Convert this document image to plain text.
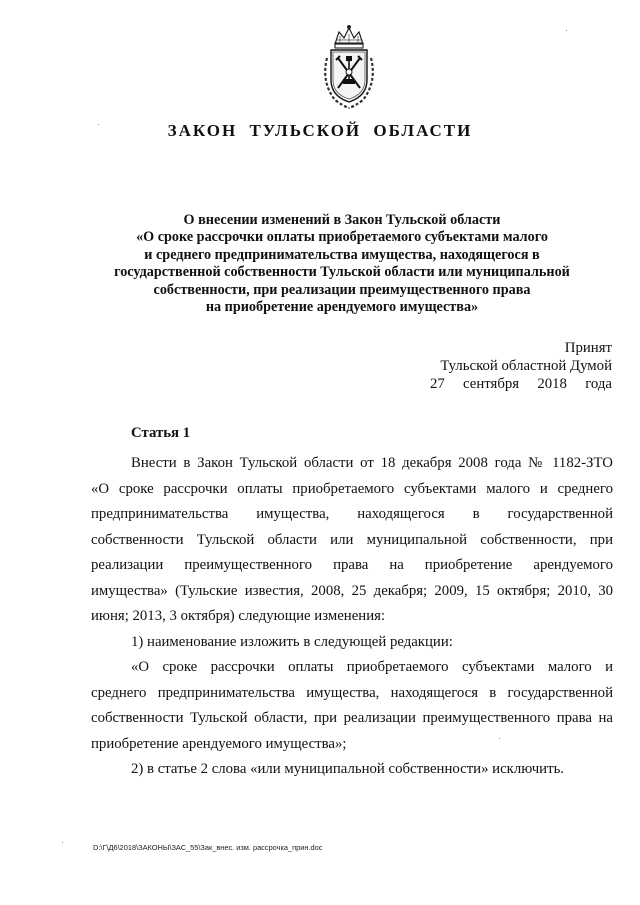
ЗАКОН ТУЛЬСКОЙ ОБЛАСТИ
О внесении изменений в Закон Тульской области
«О сроке рассрочки оплаты приобретаемого субъектами малого
и среднего предпринимательства имущества, находящегося в
государственной собственности Тульской области или муниципальной
собственности, при реализации преимущественного права
на приобретение арендуемого имущества»
Принят
Тульской областной Думой
27 сентября 2018 года
Статья 1

Внести в Закон Тульской области от 18 декабря 2008 года № 1182-ЗТО

«О сроке рассрочки оплаты приобретаемого субъектами малого и среднего

предпринимательства имущества, находящегося в государственной

собственности Тульской области или муниципальной собственности, при

реализации преимущественного права на приобретение арендуемого

имущества» (Тульские известия, 2008, 25 декабря; 2009, 15 октября; 2010, 30

июня; 2013, 3 октября) следующие изменения:

1) наименование изложить в следующей редакции:

«О сроке рассрочки оплаты приобретаемого субъектами малого и

среднего предпринимательства имущества, находящегося в государственной

собственности Тульской области, при реализации преимущественного права на

приобретение арендуемого имущества»;

2) в статье 2 слова «или муниципальной собственности» исключить.

D:\Г\Д6\2018\ЗАКОНЫ\ЗАС_55\Зак_внес. изм. рассрочка_прин.doc
